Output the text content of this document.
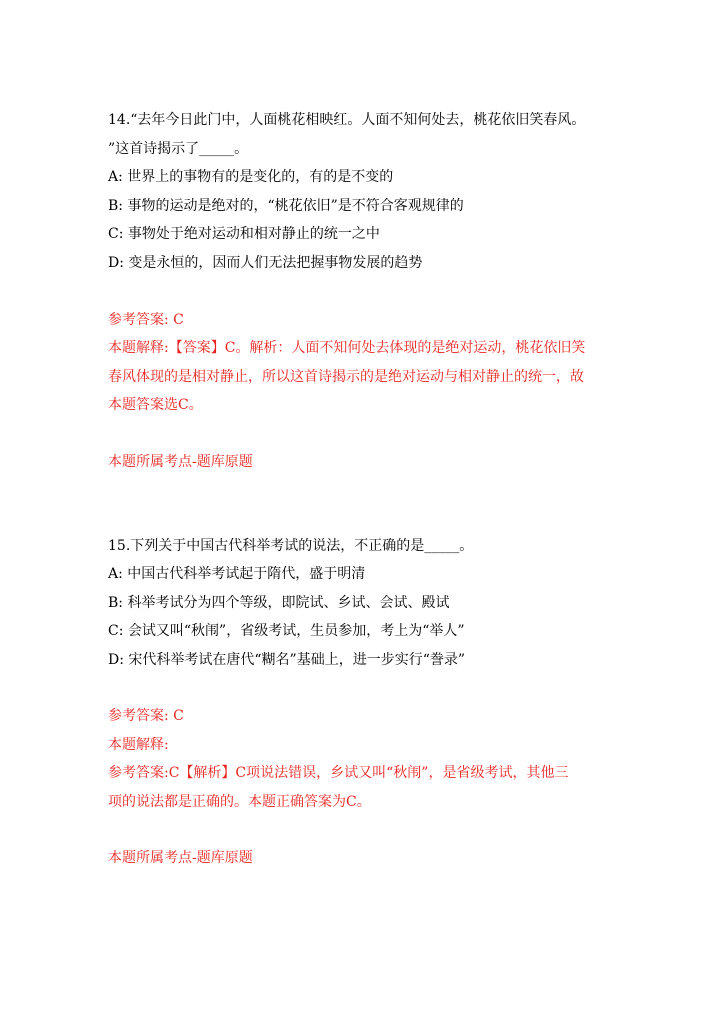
14.“去年今日此门中，人面桃花相映红。人面不知何处去，桃花依旧笑春风。
”这首诗揭示了_____。
A: 世界上的事物有的是变化的，有的是不变的
B: 事物的运动是绝对的，“桃花依旧”是不符合客观规律的
C: 事物处于绝对运动和相对静止的统一之中
D: 变是永恒的，因而人们无法把握事物发展的趋势
参考答案: C
本题解释:【答案】C。解析：人面不知何处去体现的是绝对运动，桃花依旧笑
春风体现的是相对静止，所以这首诗揭示的是绝对运动与相对静止的统一，故
本题答案选C。
本题所属考点-题库原题
15.下列关于中国古代科举考试的说法，不正确的是_____。
A: 中国古代科举考试起于隋代，盛于明清
B: 科举考试分为四个等级，即院试、乡试、会试、殿试
C: 会试又叫“秋闱”，省级考试，生员参加，考上为“举人”
D: 宋代科举考试在唐代“糊名”基础上，进一步实行“誊录”
参考答案: C
本题解释:
参考答案:C【解析】C项说法错误，乡试又叫“秋闱”，是省级考试，其他三
项的说法都是正确的。本题正确答案为C。
本题所属考点-题库原题
